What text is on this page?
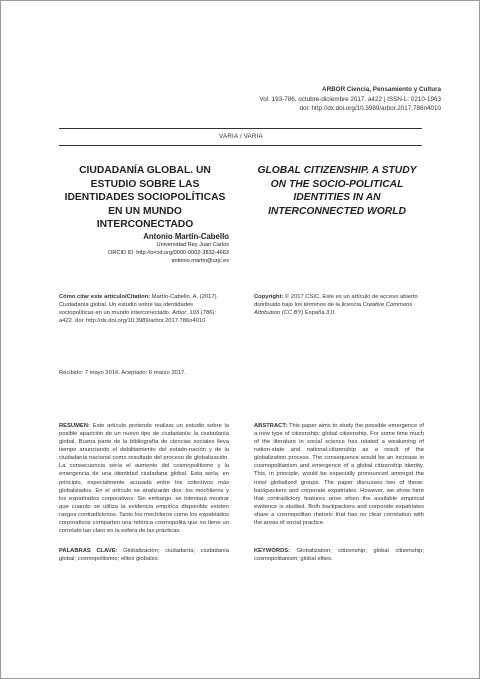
ARBOR Ciencia, Pensamiento y Cultura
Vol. 193-786, octubre-diciembre 2017, a422 | ISSN-L: 0210-1963
doi: http://dx.doi.org/10.3989/arbor.2017.786n4010
VARIA / VARIA
CIUDADANÍA GLOBAL. UN ESTUDIO SOBRE LAS IDENTIDADES SOCIOPOLÍTICAS EN UN MUNDO INTERCONECTADO
GLOBAL CITIZENSHIP. A STUDY ON THE SOCIO-POLITICAL IDENTITIES IN AN INTERCONNECTED WORLD
Antonio Martín-Cabello
Universidad Rey Juan Carlos
ORCID ID: http://orcid.org/0000-0002-3832-4663
antonio.martin@urjc.es
Cómo citar este artículo/Citation: Martín-Cabello, A. (2017). Ciudadanía global. Un estudio sobre las identidades sociopolíticas en un mundo interconectado. Arbor, 193 (786): a422. doi: http://dx.doi.org/10.3989/arbor.2017.786n4010
Copyright: © 2017 CSIC. Este es un artículo de acceso abierto distribuido bajo los términos de la licencia Creative Commons Attribution (CC BY) España 3.0.
Recibido: 7 mayo 2016. Aceptado: 6 marzo 2017.
RESUMEN: Este artículo pretende realizar un estudio sobre la posible aparición de un nuevo tipo de ciudadanía: la ciudadanía global. Buena parte de la bibliografía de ciencias sociales lleva tiempo anunciando el debilitamiento del estado-nación y de la ciudadanía nacional como resultado del proceso de globalización. La consecuencia sería el aumento del cosmopolitismo y la emergencia de una identidad ciudadana global. Esta sería, en principio, especialmente acusada entre los colectivos más globalizados. En el artículo se analizarán dos: los mochileros y los expatriados corporativos. Sin embargo, se intentará mostrar que cuando se utiliza la evidencia empírica disponible existen rasgos contradictorios. Tanto los mochileros como los expatriados corporativos comparten una retórica cosmopolita que no tiene un correlato tan claro en la esfera de las prácticas.
ABSTRACT: This paper aims to study the possible emergence of a new type of citizenship: global citizenship. For some time much of the literature in social science has related a weakening of nation-state and national-citizenship as a result of the globalization process. The consequence would be an increase in cosmopolitanism and emergence of a global citizenship identity. This, in principle, would be especially pronounced amongst the most globalized groups. The paper discusses two of these: backpackers and corporate expatriates. However, we show here that contradictory features arise when the available empirical evidence is studied. Both backpackers and corporate expatriates share a cosmopolitan rhetoric that has no clear correlation with the areas of social practice.
PALABRAS CLAVE: Globalización; ciudadanía; ciudadanía global; cosmopolitismo; elites globales.
KEYWORDS: Globalization; citizenship; global citizenship; cosmopolitanism; global elites.
